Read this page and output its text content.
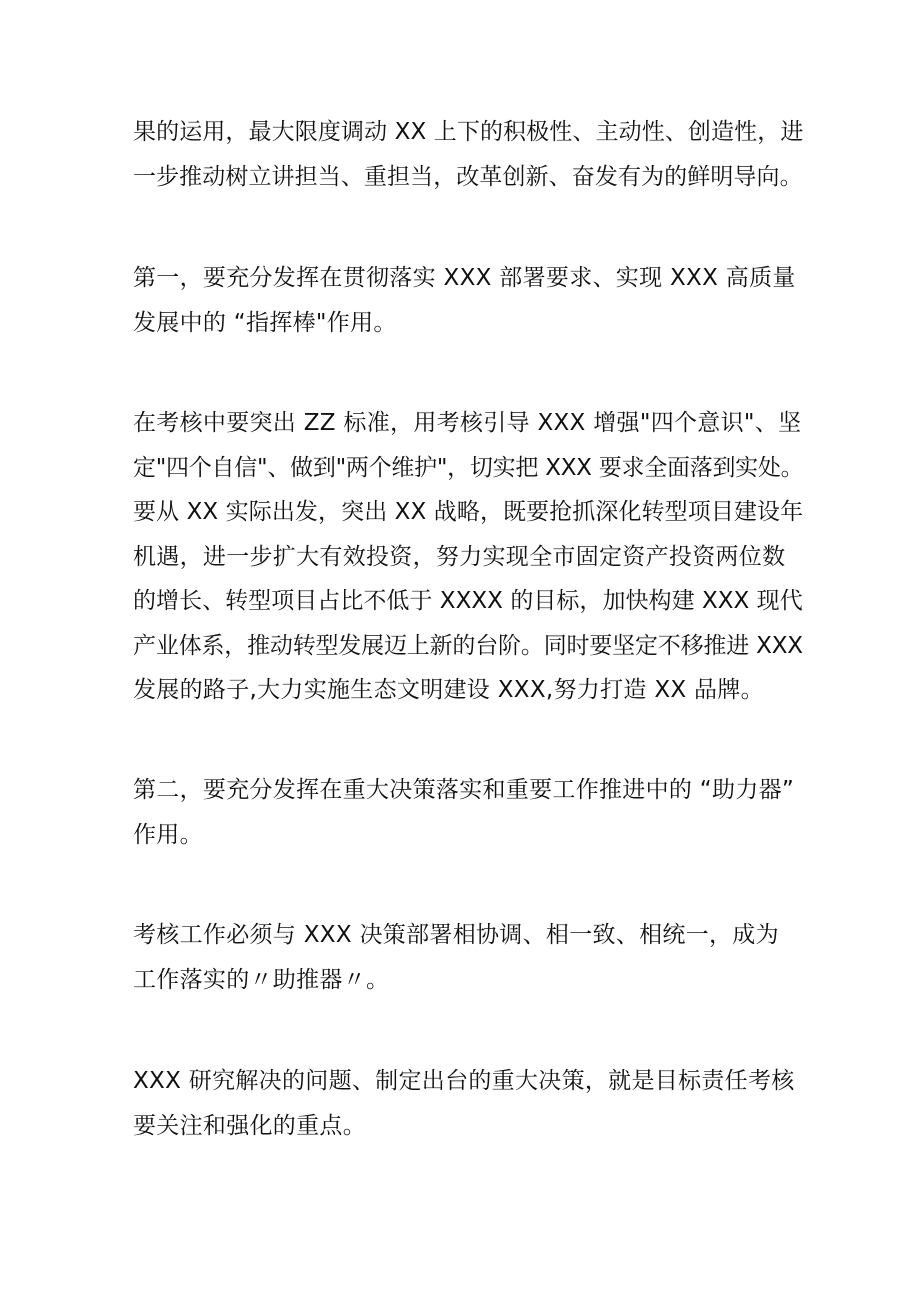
果的运用，最大限度调动 XX 上下的积极性、主动性、创造性，进
一步推动树立讲担当、重担当，改革创新、奋发有为的鲜明导向。
第一，要充分发挥在贯彻落实 XXX 部署要求、实现 XXX 高质量
发展中的 “指挥棒"作用。
在考核中要突出 ZZ 标准，用考核引导 XXX 增强"四个意识"、坚
定"四个自信"、做到"两个维护"，切实把 XXX 要求全面落到实处。
要从 XX 实际出发，突出 XX 战略，既要抢抓深化转型项目建设年
机遇，进一步扩大有效投资，努力实现全市固定资产投资两位数
的增长、转型项目占比不低于 XXXX 的目标，加快构建 XXX 现代
产业体系，推动转型发展迈上新的台阶。同时要坚定不移推进 XXX
发展的路子,大力实施生态文明建设 XXX,努力打造 XX 品牌。
第二，要充分发挥在重大决策落实和重要工作推进中的 “助力器”
作用。
考核工作必须与 XXX 决策部署相协调、相一致、相统一，成为
工作落实的〃助推器〃。
XXX 研究解决的问题、制定出台的重大决策，就是目标责任考核
要关注和强化的重点。
